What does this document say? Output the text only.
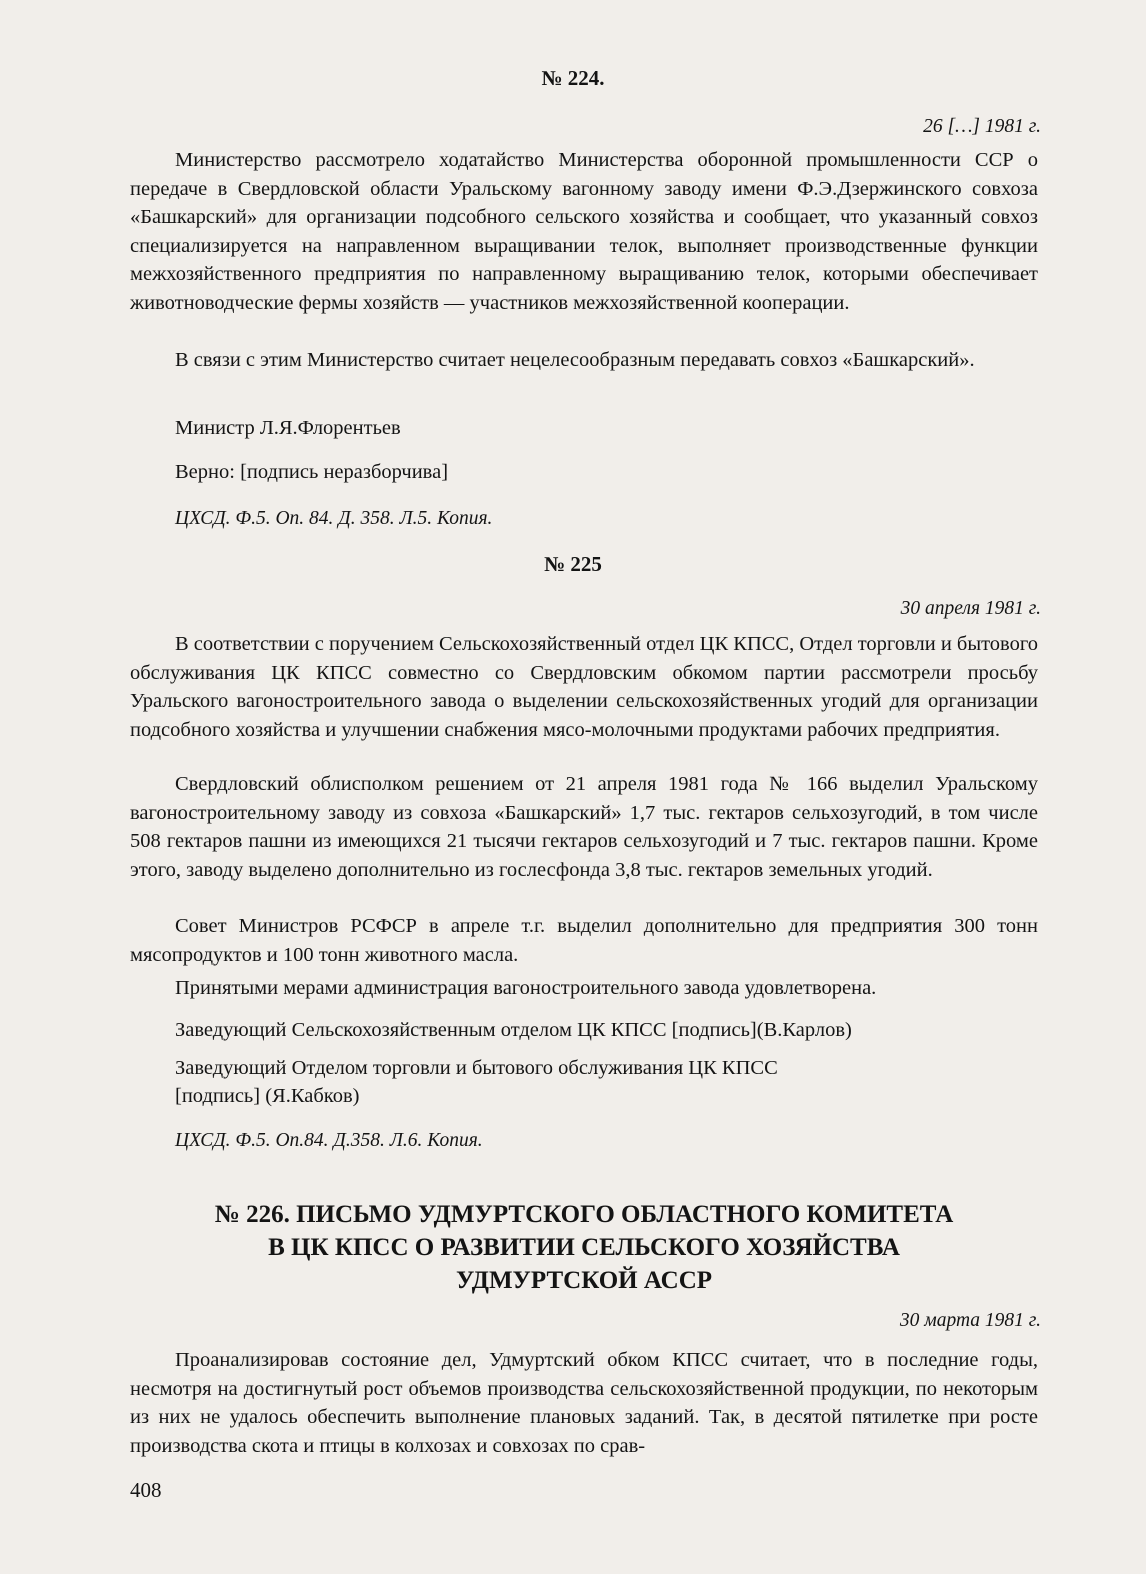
№ 224.
26 […] 1981 г.

Министерство рассмотрело ходатайство Министерства оборонной промышленности ССР о передаче в Свердловской области Уральскому вагонному заводу имени Ф.Э.Дзержинского совхоза «Башкарский» для организации подсобного сельского хозяйства и сообщает, что указанный совхоз специализируется на направленном выращивании телок, выполняет производственные функции межхозяйственного предприятия по направленному выращиванию телок, которыми обеспечивает животноводческие фермы хозяйств — участников межхозяйственной кооперации.

В связи с этим Министерство считает нецелесообразным передавать совхоз «Башкарский».

Министр Л.Я.Флорентьев

Верно: [подпись неразборчива]

ЦХСД. Ф.5. Оп. 84. Д. 358. Л.5. Копия.
№ 225
30 апреля 1981 г.

В соответствии с поручением Сельскохозяйственный отдел ЦК КПСС, Отдел торговли и бытового обслуживания ЦК КПСС совместно со Свердловским обкомом партии рассмотрели просьбу Уральского вагоностроительного завода о выделении сельскохозяйственных угодий для организации подсобного хозяйства и улучшении снабжения мясо-молочными продуктами рабочих предприятия.

Свердловский облисполком решением от 21 апреля 1981 года № 166 выделил Уральскому вагоностроительному заводу из совхоза «Башкарский» 1,7 тыс. гектаров сельхозугодий, в том числе 508 гектаров пашни из имеющихся 21 тысячи гектаров сельхозугодий и 7 тыс. гектаров пашни. Кроме этого, заводу выделено дополнительно из гослесфонда 3,8 тыс. гектаров земельных угодий.

Совет Министров РСФСР в апреле т.г. выделил дополнительно для предприятия 300 тонн мясопродуктов и 100 тонн животного масла.

Принятыми мерами администрация вагоностроительного завода удовлетворена.

Заведующий Сельскохозяйственным отделом ЦК КПСС [подпись](В.Карлов)

Заведующий Отделом торговли и бытового обслуживания ЦК КПСС

[подпись] (Я.Кабков)

ЦХСД. Ф.5. Оп.84. Д.358. Л.6. Копия.

№ 226. ПИСЬМО УДМУРТСКОГО ОБЛАСТНОГО КОМИТЕТА

В ЦК КПСС О РАЗВИТИИ СЕЛЬСКОГО ХОЗЯЙСТВА

УДМУРТСКОЙ АССР

30 марта 1981 г.

Проанализировав состояние дел, Удмуртский обком КПСС считает, что в последние годы, несмотря на достигнутый рост объемов производства сельскохозяйственной продукции, по некоторым из них не удалось обеспечить выполнение плановых заданий. Так, в десятой пятилетке при росте производства скота и птицы в колхозах и совхозах по срав-

408
